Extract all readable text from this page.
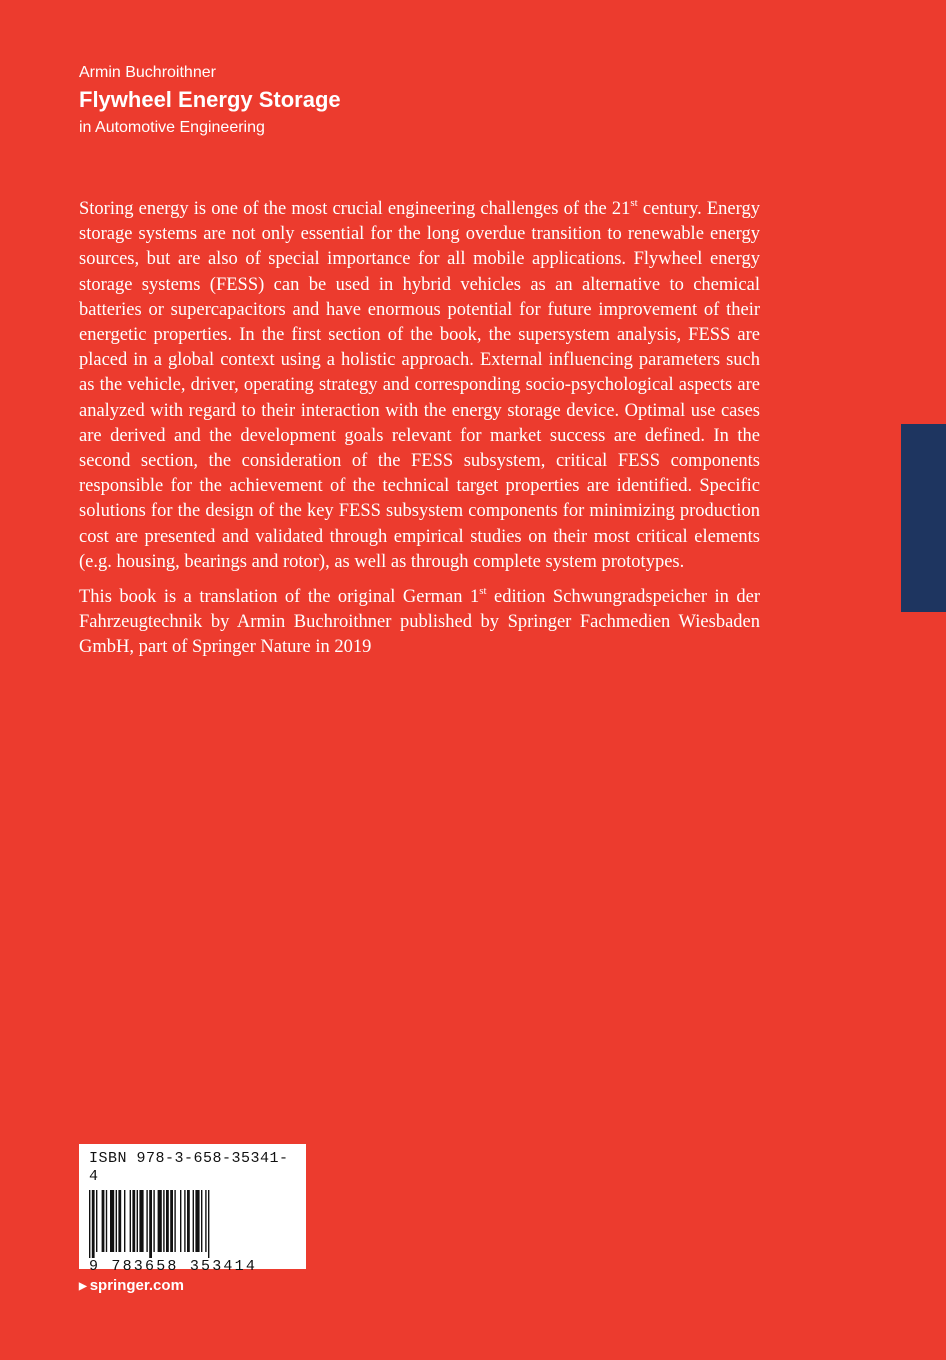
Armin Buchroithner
Flywheel Energy Storage
in Automotive Engineering

Storing energy is one of the most crucial engineering challenges of the 21st century. Energy storage systems are not only essential for the long overdue transition to renewable energy sources, but are also of special importance for all mobile applications. Flywheel energy storage systems (FESS) can be used in hybrid vehicles as an alternative to chemical batteries or supercapacitors and have enormous potential for future improvement of their energetic properties. In the first section of the book, the supersystem analysis, FESS are placed in a global context using a holistic approach. External influencing parameters such as the vehicle, driver, operating strategy and corresponding socio-psychological aspects are analyzed with regard to their interaction with the energy storage device. Optimal use cases are derived and the development goals relevant for market success are defined. In the second section, the consideration of the FESS subsystem, critical FESS components responsible for the achievement of the technical target properties are identified. Specific solutions for the design of the key FESS subsystem components for minimizing production cost are presented and validated through empirical studies on their most critical elements (e.g. housing, bearings and rotor), as well as through complete system prototypes.

This book is a translation of the original German 1st edition Schwungradspeicher in der Fahrzeugtechnik by Armin Buchroithner published by Springer Fachmedien Wiesbaden GmbH, part of Springer Nature in 2019

ISBN 978-3-658-35341-4
9 783658 353414
▶ springer.com
